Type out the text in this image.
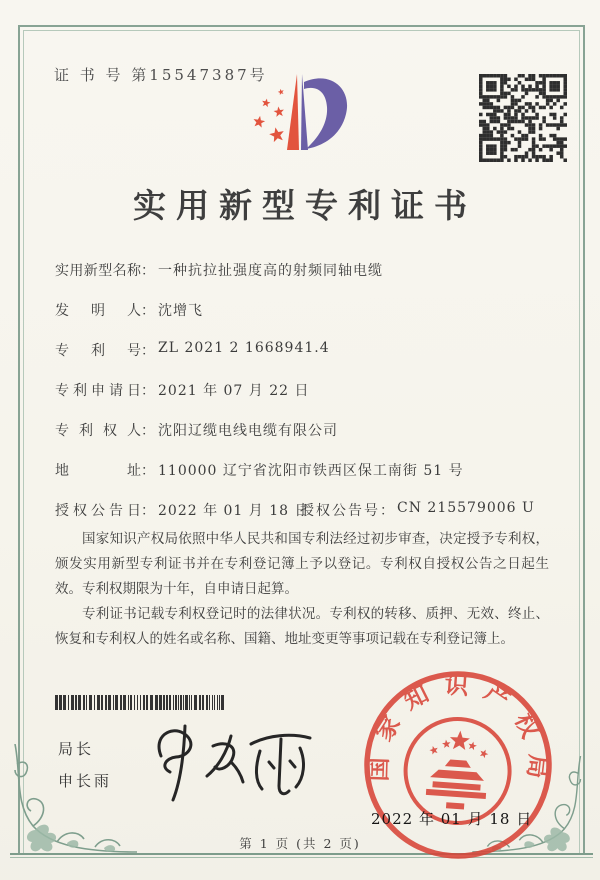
证 书 号 第15547387号
实用新型专利证书
实用新型名称： 一种抗拉扯强度高的射频同轴电缆
发明人： 沈增飞
专利号： ZL 2021 2 1668941.4
专利申请日： 2021 年 07 月 22 日
专利权人： 沈阳辽缆电线电缆有限公司
地址： 110000 辽宁省沈阳市铁西区保工南街 51 号
授权公告日： 2022 年 01 月 18 日
授权公告号： CN 215579006 U

国家知识产权局依照中华人民共和国专利法经过初步审查，决定授予专利权，颁发实用新型专利证书并在专利登记簿上予以登记。专利权自授权公告之日起生效。专利权期限为十年，自申请日起算。

专利证书记载专利权登记时的法律状况。专利权的转移、质押、无效、终止、恢复和专利权人的姓名或名称、国籍、地址变更等事项记载在专利登记簿上。

局长
申长雨	国家知识产权局
2022 年 01 月 18 日
第 1 页 (共 2 页)
